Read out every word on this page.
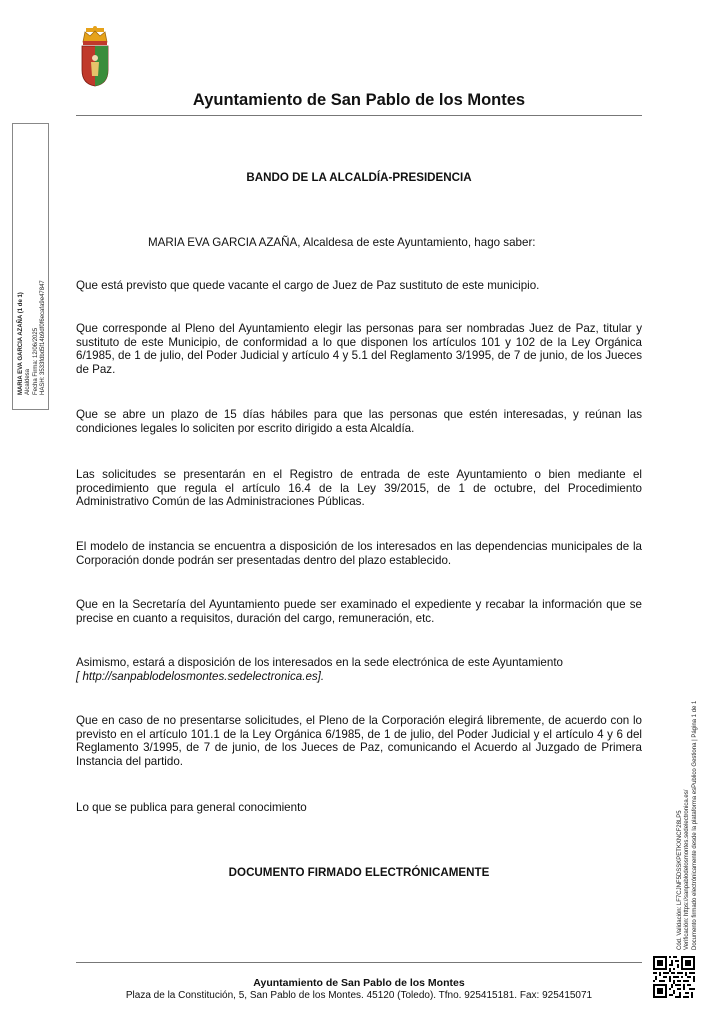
Ayuntamiento de San Pablo de los Montes
MARIA EVA GARCIA AZAÑA (1 de 1) Alcaldesa Fecha Firma: 12/06/2025 HASH: 3533fdbd5f14b9df0f6ecafa9e47847
BANDO DE LA ALCALDÍA-PRESIDENCIA
MARIA EVA GARCIA AZAÑA, Alcaldesa de este Ayuntamiento, hago saber:

Que está previsto que quede vacante el cargo de Juez de Paz sustituto de este municipio.

Que corresponde al Pleno del Ayuntamiento elegir las personas para ser nombradas Juez de Paz, titular y sustituto de este Municipio, de conformidad a lo que disponen los artículos 101 y 102 de la Ley Orgánica 6/1985, de 1 de julio, del Poder Judicial y artículo 4 y 5.1 del Reglamento 3/1995, de 7 de junio, de los Jueces de Paz.

Que se abre un plazo de 15 días hábiles para que las personas que estén interesadas, y reúnan las condiciones legales lo soliciten por escrito dirigido a esta Alcaldía.

Las solicitudes se presentarán en el Registro de entrada de este Ayuntamiento o bien mediante el procedimiento que regula el artículo 16.4 de la Ley 39/2015, de 1 de octubre, del Procedimiento Administrativo Común de las Administraciones Públicas.

El modelo de instancia se encuentra a disposición de los interesados en las dependencias municipales de la Corporación donde podrán ser presentadas dentro del plazo establecido.

Que en la Secretaría del Ayuntamiento puede ser examinado el expediente y recabar la información que se precise en cuanto a requisitos, duración del cargo, remuneración, etc.

Asimismo, estará a disposición de los interesados en la sede electrónica de este Ayuntamiento
[ http://sanpablodelosmontes.sedelectronica.es].

Que en caso de no presentarse solicitudes, el Pleno de la Corporación elegirá libremente, de acuerdo con lo previsto en el artículo 101.1 de la Ley Orgánica 6/1985, de 1 de julio, del Poder Judicial y el artículo 4 y 6 del Reglamento 3/1995, de 7 de junio, de los Jueces de Paz, comunicando el Acuerdo al Juzgado de Primera Instancia del partido.

Lo que se publica para general conocimiento

DOCUMENTO FIRMADO ELECTRÓNICAMENTE	Cód. Validación: LF7CJNF5DSSKPETKXNCF28LP5 Verificación: https://sanpablodelosmontes.sedelectronica.es/ Documento firmado electrónicamente desde la plataforma esPublico Gestiona | Página 1 de 1
Ayuntamiento de San Pablo de los Montes
Plaza de la Constitución, 5, San Pablo de los Montes. 45120 (Toledo). Tfno. 925415181. Fax: 925415071
